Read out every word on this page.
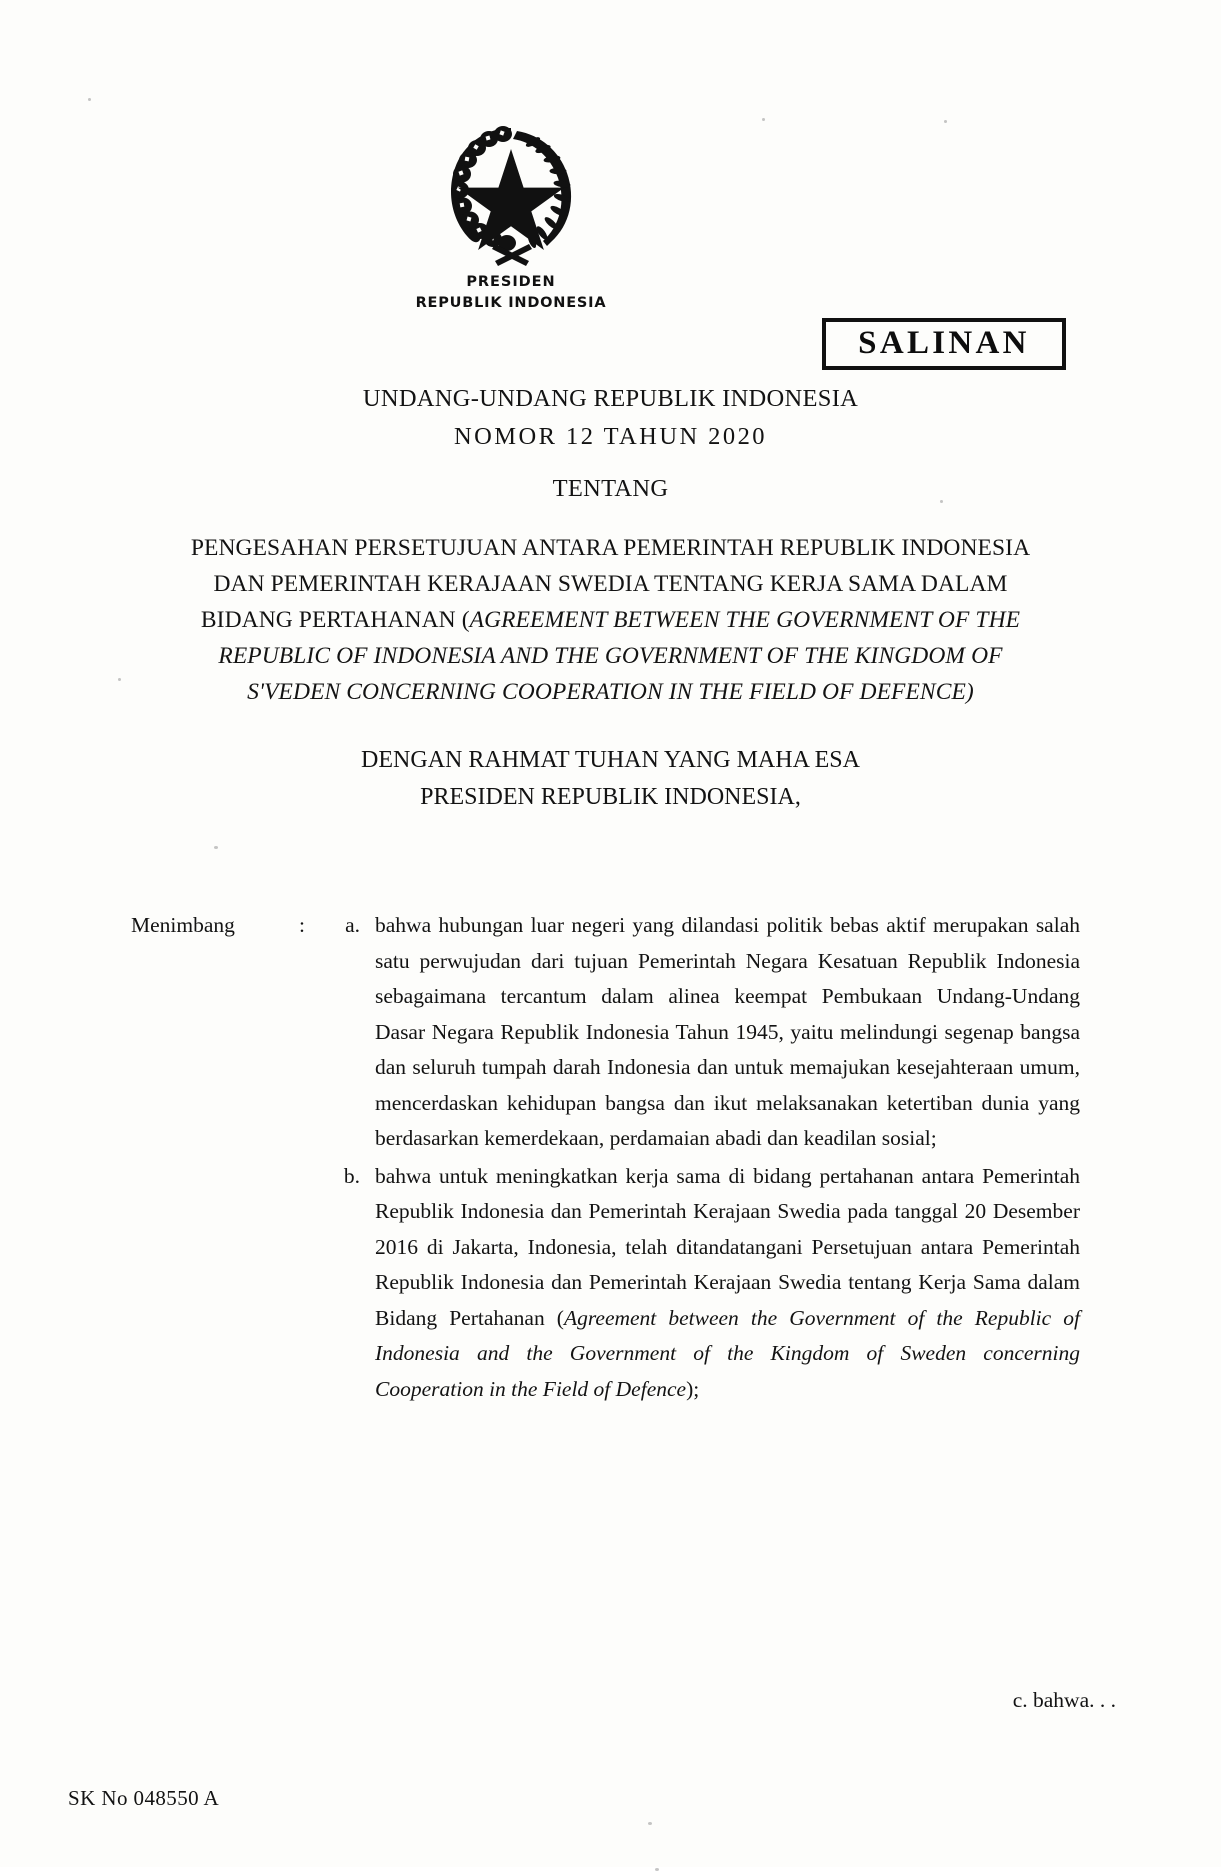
PRESIDEN
REPUBLIK INDONESIA
SALINAN
UNDANG-UNDANG REPUBLIK INDONESIA
NOMOR 12 TAHUN 2020
TENTANG
PENGESAHAN PERSETUJUAN ANTARA PEMERINTAH REPUBLIK INDONESIA
DAN PEMERINTAH KERAJAAN SWEDIA TENTANG KERJA SAMA DALAM
BIDANG PERTAHANAN (AGREEMENT BETWEEN THE GOVERNMENT OF THE
REPUBLIC OF INDONESIA AND THE GOVERNMENT OF THE KINGDOM OF
S'VEDEN CONCERNING COOPERATION IN THE FIELD OF DEFENCE)
DENGAN RAHMAT TUHAN YANG MAHA ESA
PRESIDEN REPUBLIK INDONESIA,
Menimbang	:	a. bahwa hubungan luar negeri yang dilandasi politik bebas aktif merupakan salah satu perwujudan dari tujuan Pemerintah Negara Kesatuan Republik Indonesia sebagaimana tercantum dalam alinea keempat Pembukaan Undang-Undang Dasar Negara Republik Indonesia Tahun 1945, yaitu melindungi segenap bangsa dan seluruh tumpah darah Indonesia dan untuk memajukan kesejahteraan umum, mencerdaskan kehidupan bangsa dan ikut melaksanakan ketertiban dunia yang berdasarkan kemerdekaan, perdamaian abadi dan keadilan sosial;
b. bahwa untuk meningkatkan kerja sama di bidang pertahanan antara Pemerintah Republik Indonesia dan Pemerintah Kerajaan Swedia pada tanggal 20 Desember 2016 di Jakarta, Indonesia, telah ditandatangani Persetujuan antara Pemerintah Republik Indonesia dan Pemerintah Kerajaan Swedia tentang Kerja Sama dalam Bidang Pertahanan (Agreement between the Government of the Republic of Indonesia and the Government of the Kingdom of Sweden concerning Cooperation in the Field of Defence);
c. bahwa. . .
SK No 048550 A
